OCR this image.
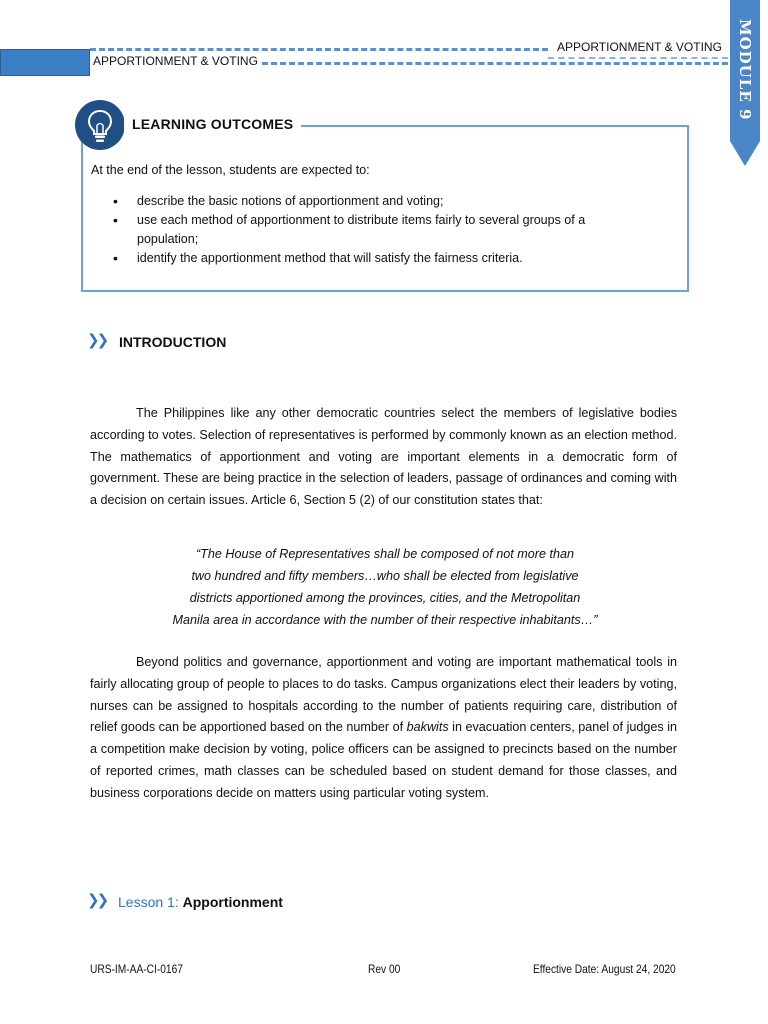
APPORTIONMENT & VOTING
APPORTIONMENT & VOTING MODULE 9
LEARNING OUTCOMES
At the end of the lesson, students are expected to:
• describe the basic notions of apportionment and voting;
• use each method of apportionment to distribute items fairly to several groups of a population;
• identify the apportionment method that will satisfy the fairness criteria.
❯❯ INTRODUCTION

The Philippines like any other democratic countries select the members of legislative bodies according to votes. Selection of representatives is performed by commonly known as an election method. The mathematics of apportionment and voting are important elements in a democratic form of government. These are being practice in the selection of leaders, passage of ordinances and coming with a decision on certain issues. Article 6, Section 5 (2) of our constitution states that:

“The House of Representatives shall be composed of not more than
two hundred and fifty members…who shall be elected from legislative
districts apportioned among the provinces, cities, and the Metropolitan
Manila area in accordance with the number of their respective inhabitants…”

Beyond politics and governance, apportionment and voting are important mathematical tools in fairly allocating group of people to places to do tasks. Campus organizations elect their leaders by voting, nurses can be assigned to hospitals according to the number of patients requiring care, distribution of relief goods can be apportioned based on the number of bakwits in evacuation centers, panel of judges in a competition make decision by voting, police officers can be assigned to precincts based on the number of reported crimes, math classes can be scheduled based on student demand for those classes, and business corporations decide on matters using particular voting system.

❯❯ Lesson 1: Apportionment
URS-IM-AA-CI-0167	Rev 00	Effective Date: August 24, 2020
